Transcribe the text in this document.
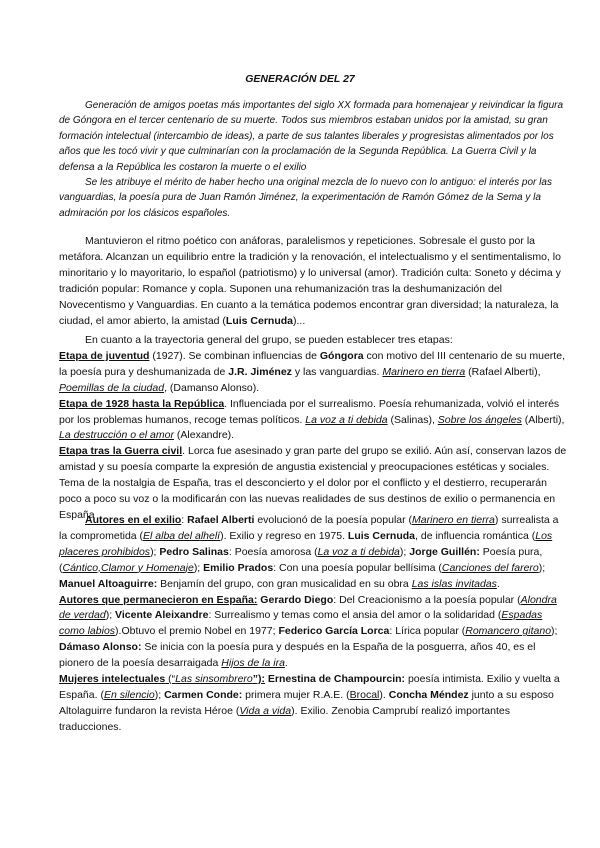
GENERACIÓN DEL 27

Generación de amigos poetas más importantes del siglo XX formada para homenajear y reivindicar la figura de Góngora en el tercer centenario de su muerte. Todos sus miembros estaban unidos por la amistad, su gran formación intelectual (intercambio de ideas), a parte de sus talantes liberales y progresistas alimentados por los años que les tocó vivir y que culminarían con la proclamación de la Segunda República. La Guerra Civil y la defensa a la República les costaron la muerte o el exilio

Se les atribuye el mérito de haber hecho una original mezcla de lo nuevo con lo antiguo: el interés por las vanguardias, la poesía pura de Juan Ramón Jiménez, la experimentación de Ramón Gómez de la Sema y la admiración por los clásicos españoles.

Mantuvieron el ritmo poético con anáforas, paralelismos y repeticiones. Sobresale el gusto por la metáfora. Alcanzan un equilibrio entre la tradición y la renovación, el intelectualismo y el sentimentalismo, lo minoritario y lo mayoritario, lo español (patriotismo) y lo universal (amor). Tradición culta: Soneto y décima y tradición popular: Romance y copla. Suponen una rehumanización tras la deshumanización del Novecentismo y Vanguardias. En cuanto a la temática podemos encontrar gran diversidad; la naturaleza, la ciudad, el amor abierto, la amistad (Luis Cernuda)...

En cuanto a la trayectoria general del grupo, se pueden establecer tres etapas:

Etapa de juventud (1927). Se combinan influencias de Góngora con motivo del III centenario de su muerte, la poesía pura y deshumanizada de J.R. Jiménez y las vanguardias. Marinero en tierra (Rafael Alberti), Poemillas de la ciudad, (Damanso Alonso).

Etapa de 1928 hasta la República. Influenciada por el surrealismo. Poesía rehumanizada, volvió el interés por los problemas humanos, recoge temas políticos. La voz a ti debida (Salinas), Sobre los ángeles (Alberti), La destrucción o el amor (Alexandre).

Etapa tras la Guerra civil. Lorca fue asesinado y gran parte del grupo se exilió. Aún así, conservan lazos de amistad y su poesía comparte la expresión de angustia existencial y preocupaciones estéticas y sociales. Tema de la nostalgia de España, tras el desconcierto y el dolor por el conflicto y el destierro, recuperarán poco a poco su voz o la modificarán con las nuevas realidades de sus destinos de exilio o permanencia en España

Autores en el exilio: Rafael Alberti evolucionó de la poesía popular (Marinero en tierra) surrealista a la comprometida (El alba del alhelí). Exilio y regreso en 1975. Luis Cernuda, de influencia romántica (Los placeres prohibidos); Pedro Salinas: Poesía amorosa (La voz a ti debida); Jorge Guillén: Poesía pura, (Cántico,Clamor y Homenaje); Emilio Prados: Con una poesía popular bellísima (Canciones del farero); Manuel Altoaguirre: Benjamín del grupo, con gran musicalidad en su obra Las islas invitadas.

Autores que permanecieron en España: Gerardo Diego: Del Creacionismo a la poesía popular (Alondra de verdad); Vicente Aleixandre: Surrealismo y temas como el ansia del amor o la solidaridad (Espadas como labios).Obtuvo el premio Nobel en 1977; Federico García Lorca: Lírica popular (Romancero gitano); Dámaso Alonso: Se inicia con la poesía pura y después en la España de la posguerra, años 40, es el pionero de la poesía desarraigada Hijos de la ira.

Mujeres intelectuales (“Las sinsombrero”): Ernestina de Champourcin: poesía intimista. Exilio y vuelta a España. (En silencio); Carmen Conde: primera mujer R.A.E. (Brocal). Concha Méndez junto a su esposo Altolaguirre fundaron la revista Héroe (Vida a vida). Exilio. Zenobia Camprubí realizó importantes traducciones.
